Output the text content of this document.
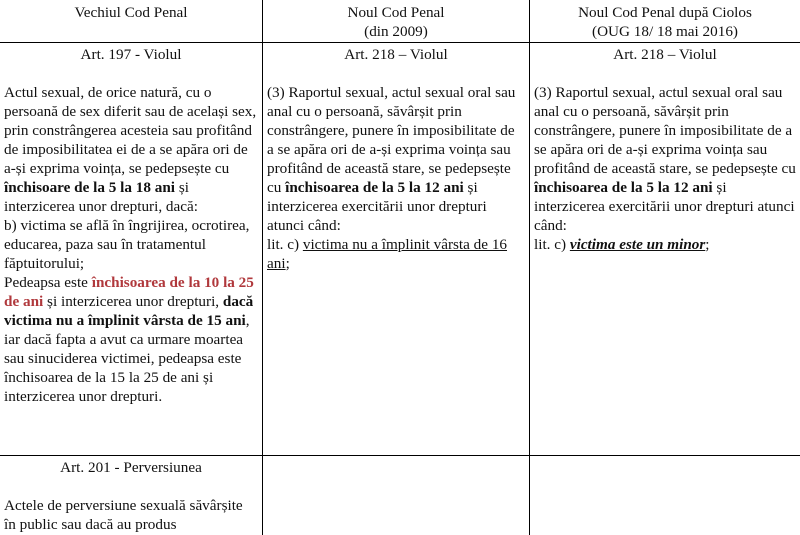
Vechiul Cod Penal	Noul Cod Penal
(din 2009)
Noul Cod Penal după Ciolos
(OUG 18/ 18 mai 2016)
Art. 197 - Violul
Actul sexual, de orice natură, cu o persoană de sex diferit sau de același sex, prin constrângerea acesteia sau profitând de imposibilitatea ei de a se apăra ori de a-și exprima voința, se pedepsește cu închisoare de la 5 la 18 ani și interzicerea unor drepturi, dacă:
b) victima se află în îngrijirea, ocrotirea, educarea, paza sau în tratamentul făptuitorului;
Pedeapsa este închisoarea de la 10 la 25 de ani și interzicerea unor drepturi, dacă victima nu a împlinit vârsta de 15 ani,
iar dacă fapta a avut ca urmare moartea sau sinuciderea victimei, pedeapsa este închisoarea de la 15 la 25 de ani și interzicerea unor drepturi.
Art. 218 – Violul
(3) Raportul sexual, actul sexual oral sau anal cu o persoană, săvârșit prin constrângere, punere în imposibilitate de a se apăra ori de a-și exprima voința sau profitând de această stare, se pedepsește cu închisoarea de la 5 la 12 ani și interzicerea exercitării unor drepturi atunci când:
lit. c) victima nu a împlinit vârsta de 16 ani;
Art. 218 – Violul
(3) Raportul sexual, actul sexual oral sau anal cu o persoană, săvârșit prin constrângere, punere în imposibilitate de a se apăra ori de a-și exprima voința sau profitând de această stare, se pedepsește cu închisoarea de la 5 la 12 ani și interzicerea exercitării unor drepturi atunci când:
lit. c) victima este un minor;
Art. 201 - Perversiunea
Actele de perversiune sexuală săvârșite în public sau dacă au produs
